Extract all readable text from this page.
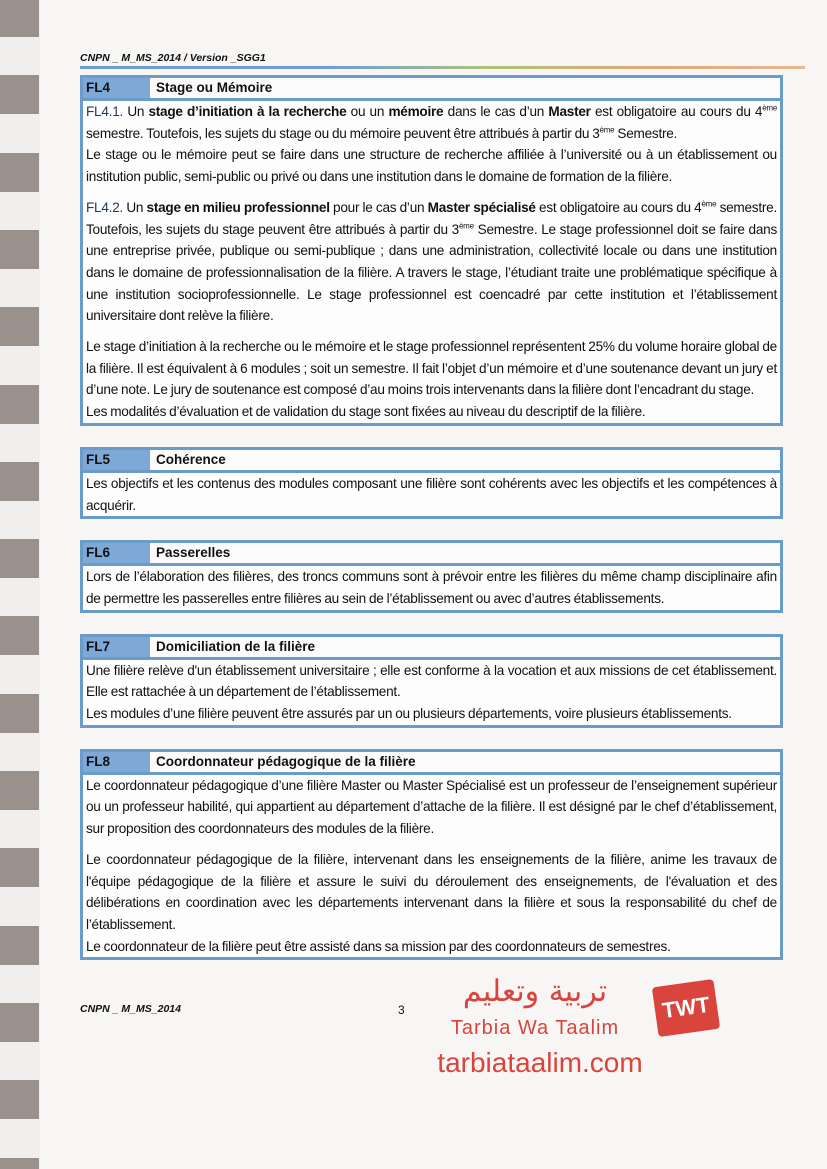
CNPN _ M_MS_2014 / Version _SGG1
FL4	Stage ou Mémoire

FL4.1. Un stage d’initiation à la recherche ou un mémoire dans le cas d’un Master est obligatoire au cours du 4ème semestre. Toutefois, les sujets du stage ou du mémoire peuvent être attribués à partir du 3ème Semestre.

Le stage ou le mémoire peut se faire dans une structure de recherche affiliée à l’université ou à un établissement ou institution public, semi-public ou privé ou dans une institution dans le domaine de formation de la filière.

FL4.2. Un stage en milieu professionnel pour le cas d’un Master spécialisé est obligatoire au cours du 4ème semestre. Toutefois, les sujets du stage peuvent être attribués à partir du 3ème Semestre. Le stage professionnel doit se faire dans une entreprise privée, publique ou semi-publique ; dans une administration, collectivité locale ou dans une institution dans le domaine de professionnalisation de la filière. A travers le stage, l’étudiant traite une problématique spécifique à une institution socioprofessionnelle. Le stage professionnel est coencadré par cette institution et l’établissement universitaire dont relève la filière.

Le stage d’initiation à la recherche ou le mémoire et le stage professionnel représentent 25% du volume horaire global de la filière. Il est équivalent à 6 modules ; soit un semestre. Il fait l’objet d’un mémoire et d’une soutenance devant un jury et d’une note. Le jury de soutenance est composé d’au moins trois intervenants dans la filière dont l’encadrant du stage.

Les modalités d’évaluation et de validation du stage sont fixées au niveau du descriptif de la filière.

FL5	Cohérence

Les objectifs et les contenus des modules composant une filière sont cohérents avec les objectifs et les compétences à acquérir.

FL6	Passerelles

Lors de l’élaboration des filières, des troncs communs sont à prévoir entre les filières du même champ disciplinaire afin de permettre les passerelles entre filières au sein de l’établissement ou avec d’autres établissements.

FL7	Domiciliation de la filière

Une filière relève d'un établissement universitaire ; elle est conforme à la vocation et aux missions de cet établissement. Elle est rattachée à un département de l’établissement.

Les modules d’une filière peuvent être assurés par un ou plusieurs départements, voire plusieurs établissements.

FL8	Coordonnateur pédagogique de la filière

Le coordonnateur pédagogique d’une filière Master ou Master Spécialisé est un professeur de l’enseignement supérieur ou un professeur habilité, qui appartient au département d’attache de la filière. Il est désigné par le chef d’établissement, sur proposition des coordonnateurs des modules de la filière.

Le coordonnateur pédagogique de la filière, intervenant dans les enseignements de la filière, anime les travaux de l'équipe pédagogique de la filière et assure le suivi du déroulement des enseignements, de l'évaluation et des délibérations en coordination avec les départements intervenant dans la filière et sous la responsabilité du chef de l’établissement.

Le coordonnateur de la filière peut être assisté dans sa mission par des coordonnateurs de semestres.

CNPN _ M_MS_2014	3
تربية وتعليم
Tarbia Wa Taalim
tarbiataalim.com
TWT
